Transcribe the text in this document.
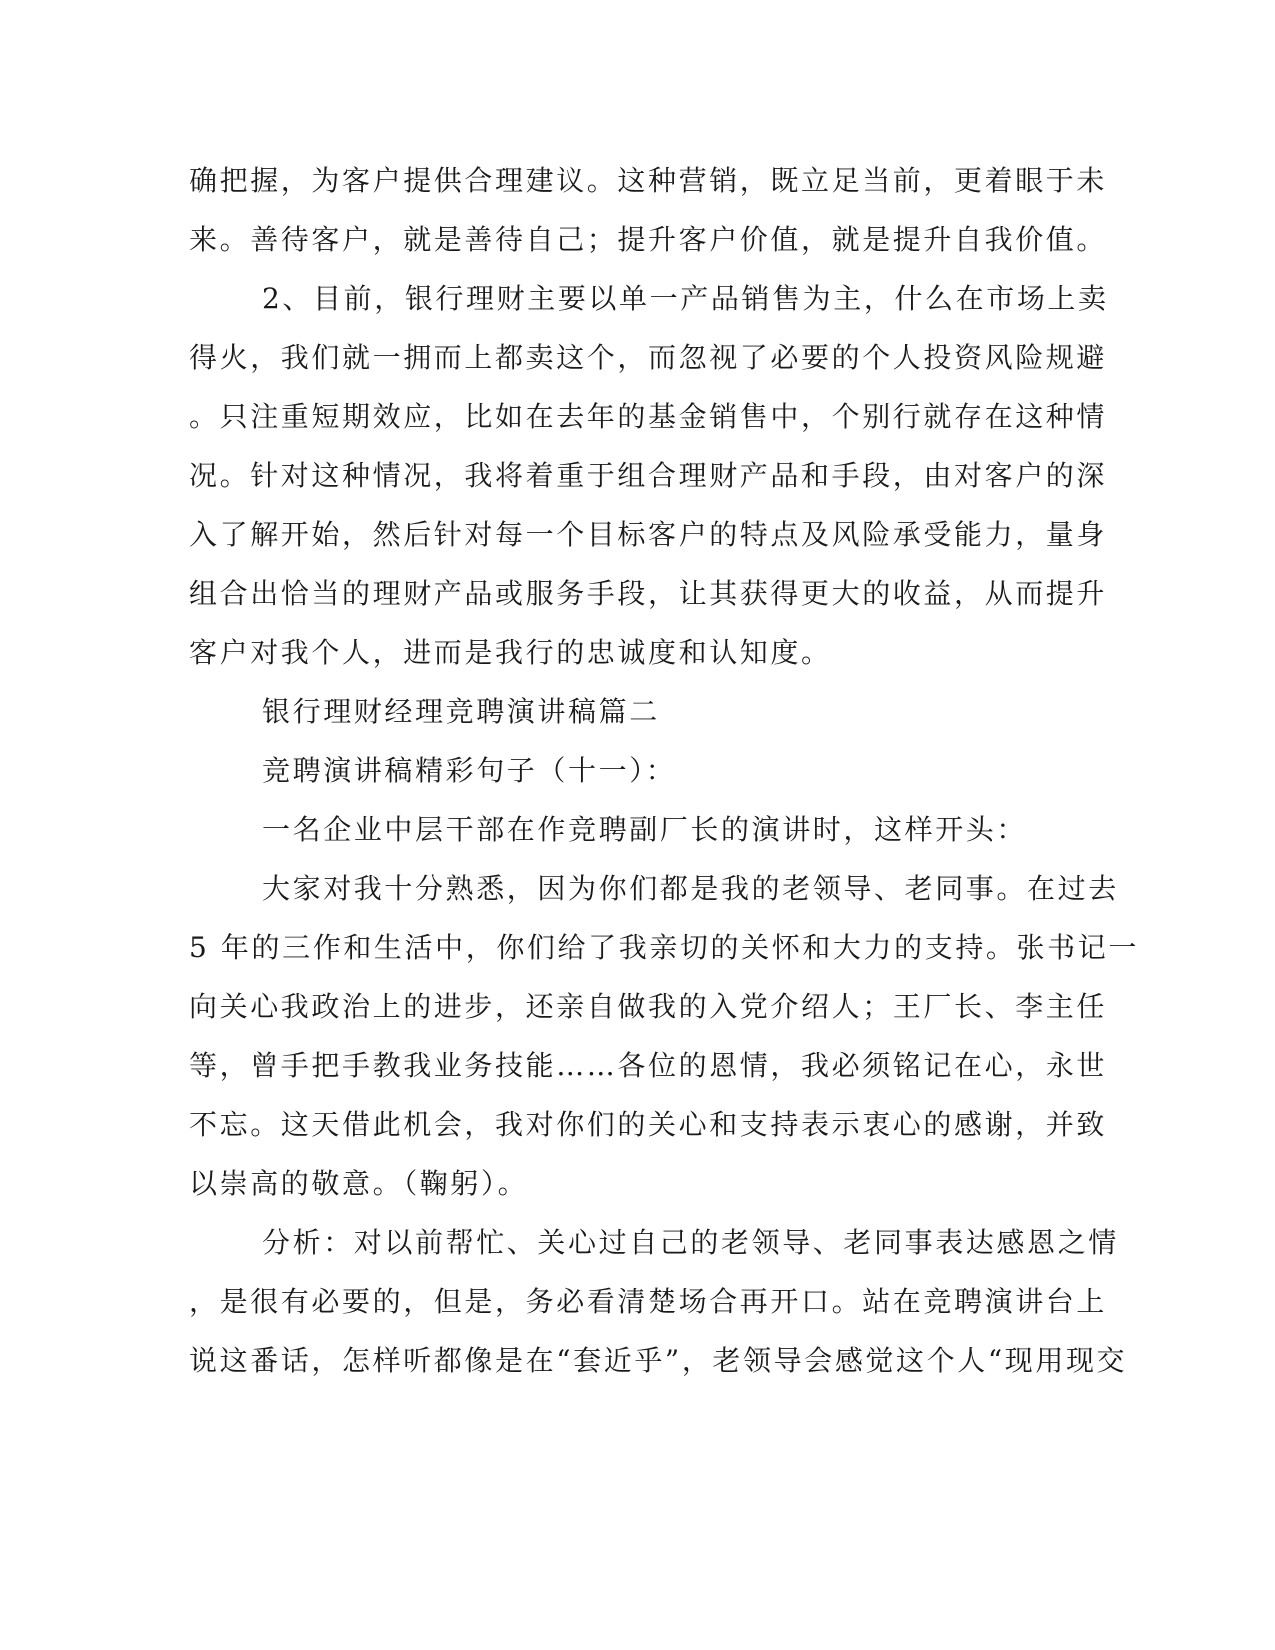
确把握，为客户提供合理建议。这种营销，既立足当前，更着眼于未
来。善待客户，就是善待自己；提升客户价值，就是提升自我价值。
2、目前，银行理财主要以单一产品销售为主，什么在市场上卖
得火，我们就一拥而上都卖这个，而忽视了必要的个人投资风险规避
。只注重短期效应，比如在去年的基金销售中，个别行就存在这种情
况。针对这种情况，我将着重于组合理财产品和手段，由对客户的深
入了解开始，然后针对每一个目标客户的特点及风险承受能力，量身
组合出恰当的理财产品或服务手段，让其获得更大的收益，从而提升
客户对我个人，进而是我行的忠诚度和认知度。
银行理财经理竞聘演讲稿篇二
竞聘演讲稿精彩句子（十一）：
一名企业中层干部在作竞聘副厂长的演讲时，这样开头：
大家对我十分熟悉，因为你们都是我的老领导、老同事。在过去
5 年的三作和生活中，你们给了我亲切的关怀和大力的支持。张书记一
向关心我政治上的进步，还亲自做我的入党介绍人；王厂长、李主任
等，曾手把手教我业务技能……各位的恩情，我必须铭记在心，永世
不忘。这天借此机会，我对你们的关心和支持表示衷心的感谢，并致
以崇高的敬意。（鞠躬）。
分析：对以前帮忙、关心过自己的老领导、老同事表达感恩之情
，是很有必要的，但是，务必看清楚场合再开口。站在竞聘演讲台上
说这番话，怎样听都像是在“套近乎”，老领导会感觉这个人“现用现交
